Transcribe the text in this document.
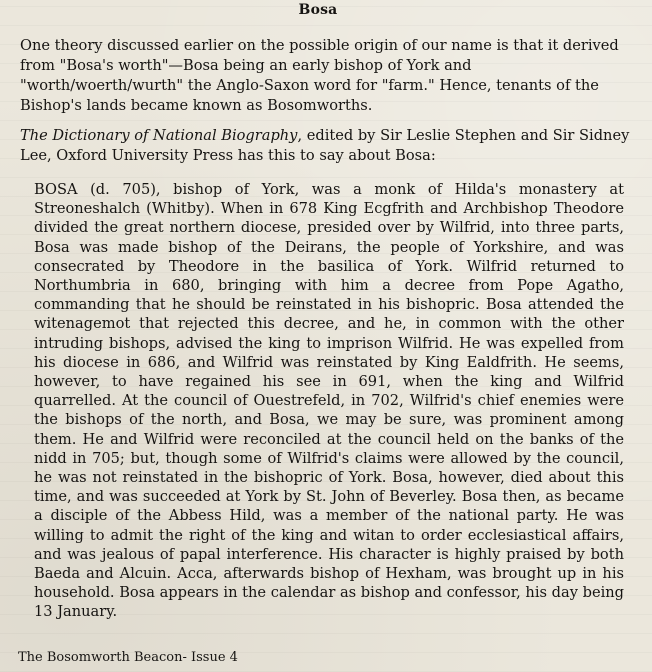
Bosa

One theory discussed earlier on the possible origin of our name is that it derived from "Bosa's worth"—Bosa being an early bishop of York and "worth/woerth/wurth" the Anglo-Saxon word for "farm." Hence, tenants of the Bishop's lands became known as Bosomworths.

The Dictionary of National Biography, edited by Sir Leslie Stephen and Sir Sidney Lee, Oxford University Press has this to say about Bosa:

BOSA (d. 705), bishop of York, was a monk of Hilda's monastery at Streoneshalch (Whitby). When in 678 King Ecgfrith and Archbishop Theodore divided the great northern diocese, presided over by Wilfrid, into three parts, Bosa was made bishop of the Deirans, the people of Yorkshire, and was consecrated by Theodore in the basilica of York. Wilfrid returned to Northumbria in 680, bringing with him a decree from Pope Agatho, commanding that he should be reinstated in his bishopric. Bosa attended the witenagemot that rejected this decree, and he, in common with the other intruding bishops, advised the king to imprison Wilfrid. He was expelled from his diocese in 686, and Wilfrid was reinstated by King Ealdfrith. He seems, however, to have regained his see in 691, when the king and Wilfrid quarrelled. At the council of Ouestrefeld, in 702, Wilfrid's chief enemies were the bishops of the north, and Bosa, we may be sure, was prominent among them. He and Wilfrid were reconciled at the council held on the banks of the nidd in 705; but, though some of Wilfrid's claims were allowed by the council, he was not reinstated in the bishopric of York. Bosa, however, died about this time, and was succeeded at York by St. John of Beverley. Bosa then, as became a disciple of the Abbess Hild, was a member of the national party. He was willing to admit the right of the king and witan to order ecclesiastical affairs, and was jealous of papal interference. His character is highly praised by both Baeda and Alcuin. Acca, afterwards bishop of Hexham, was brought up in his household. Bosa appears in the calendar as bishop and confessor, his day being 13 January.

The Bosomworth Beacon- Issue 4
